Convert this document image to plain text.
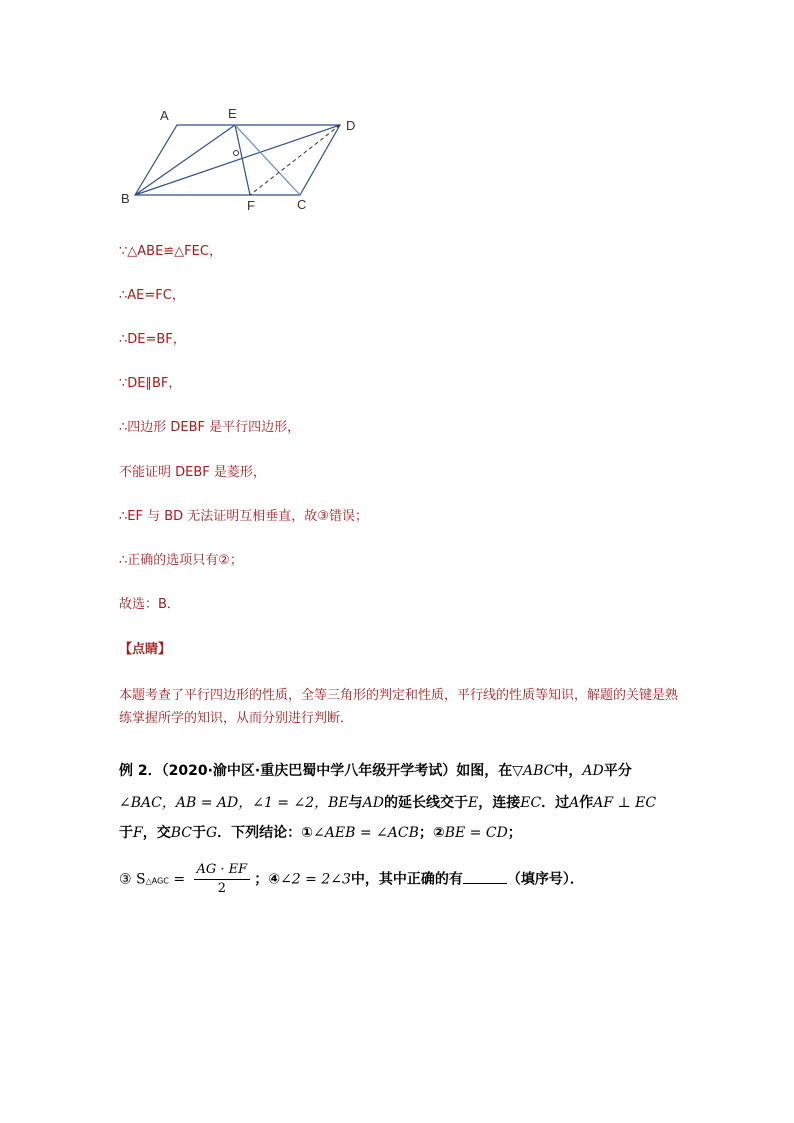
A	E
D
B	F	C
∵△ABE≌△FEC，
∴AE=FC，
∴DE=BF，
∵DE∥BF，
∴四边形 DEBF 是平行四边形，
不能证明 DEBF 是菱形，
∴EF 与 BD 无法证明互相垂直，故③错误；
∴正确的选项只有②；
故选：B．
【点睛】
本题考查了平行四边形的性质，全等三角形的判定和性质，平行线的性质等知识，解题的关键是熟练掌握所学的知识，从而分别进行判断．
例 2．（2020·渝中区·重庆巴蜀中学八年级开学考试）如图，在▽ABC中，AD平分
∠BAC，AB = AD，∠1 = ∠2，BE与AD的延长线交于E，连接EC．过A作AF ⊥ EC
于F，交BC于G．下列结论：①∠AEB = ∠ACB；②BE = CD；
③ S△AGC = $\frac{AG \cdot EF}{2}$ ；④∠2 = 2∠3中，其中正确的有	（填序号）．
